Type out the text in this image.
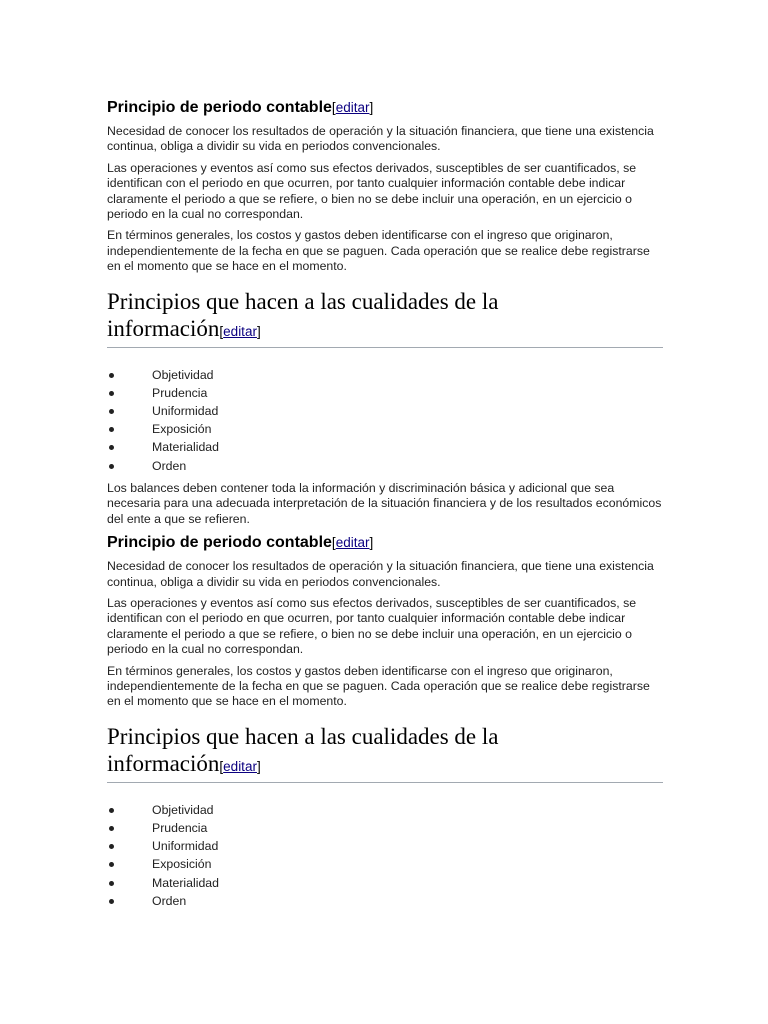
Principio de periodo contable[editar]

Necesidad de conocer los resultados de operación y la situación financiera, que tiene una existencia continua, obliga a dividir su vida en periodos convencionales.

Las operaciones y eventos así como sus efectos derivados, susceptibles de ser cuantificados, se identifican con el periodo en que ocurren, por tanto cualquier información contable debe indicar claramente el periodo a que se refiere, o bien no se debe incluir una operación, en un ejercicio o periodo en la cual no correspondan.

En términos generales, los costos y gastos deben identificarse con el ingreso que originaron, independientemente de la fecha en que se paguen. Cada operación que se realice debe registrarse en el momento que se hace en el momento.

Principios que hacen a las cualidades de la
información[editar]
Objetividad
Prudencia
Uniformidad
Exposición
Materialidad
Orden

Los balances deben contener toda la información y discriminación básica y adicional que sea necesaria para una adecuada interpretación de la situación financiera y de los resultados económicos del ente a que se refieren.

Principio de periodo contable[editar]

Necesidad de conocer los resultados de operación y la situación financiera, que tiene una existencia continua, obliga a dividir su vida en periodos convencionales.

Las operaciones y eventos así como sus efectos derivados, susceptibles de ser cuantificados, se identifican con el periodo en que ocurren, por tanto cualquier información contable debe indicar claramente el periodo a que se refiere, o bien no se debe incluir una operación, en un ejercicio o periodo en la cual no correspondan.

En términos generales, los costos y gastos deben identificarse con el ingreso que originaron, independientemente de la fecha en que se paguen. Cada operación que se realice debe registrarse en el momento que se hace en el momento.

Principios que hacen a las cualidades de la
información[editar]
Objetividad
Prudencia
Uniformidad
Exposición
Materialidad
Orden
